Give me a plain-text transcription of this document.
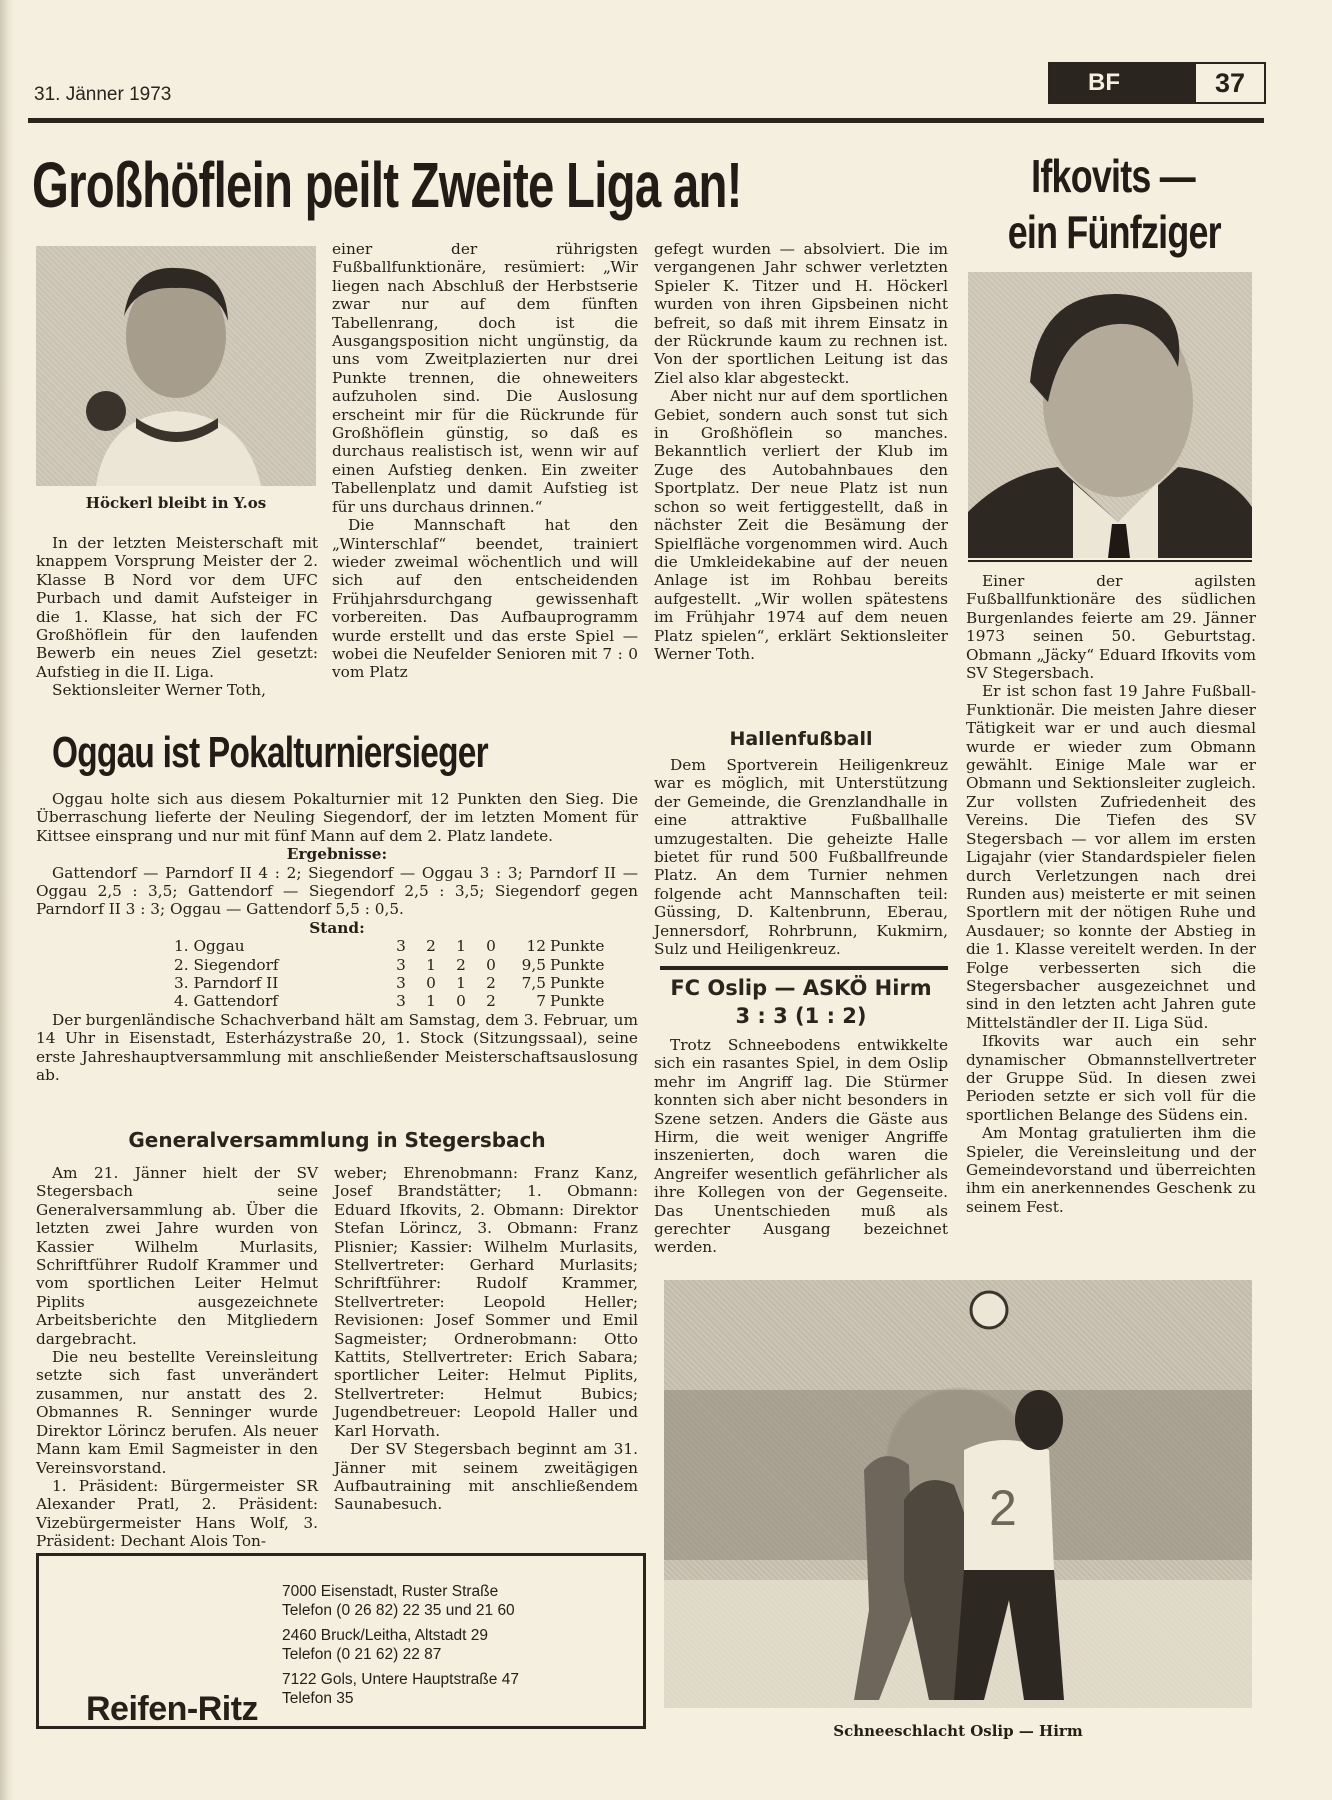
31. Jänner 1973	BF	37
Großhöflein peilt Zweite Liga an!	Ifkovits —
ein Fünfziger
Höckerl bleibt in Y.os

In der letzten Meisterschaft mit knappem Vorsprung Meister der 2. Klasse B Nord vor dem UFC Purbach und damit Aufsteiger in die 1. Klasse, hat sich der FC Großhöflein für den laufenden Bewerb ein neues Ziel gesetzt: Aufstieg in die II. Liga.

Sektionsleiter Werner Toth,

einer der rührigsten Fußballfunktionäre, resümiert: „Wir liegen nach Abschluß der Herbstserie zwar nur auf dem fünften Tabellenrang, doch ist die Ausgangsposition nicht ungünstig, da uns vom Zweitplazierten nur drei Punkte trennen, die ohneweiters aufzuholen sind. Die Auslosung erscheint mir für die Rückrunde für Großhöflein günstig, so daß es durchaus realistisch ist, wenn wir auf einen Aufstieg denken. Ein zweiter Tabellenplatz und damit Aufstieg ist für uns durchaus drinnen.“

Die Mannschaft hat den „Winterschlaf“ beendet, trainiert wieder zweimal wöchentlich und will sich auf den entscheidenden Frühjahrsdurchgang gewissenhaft vorbereiten. Das Aufbauprogramm wurde erstellt und das erste Spiel — wobei die Neufelder Senioren mit 7 : 0 vom Platz

gefegt wurden — absolviert. Die im vergangenen Jahr schwer verletzten Spieler K. Titzer und H. Höckerl wurden von ihren Gipsbeinen nicht befreit, so daß mit ihrem Einsatz in der Rückrunde kaum zu rechnen ist. Von der sportlichen Leitung ist das Ziel also klar abgesteckt.

Aber nicht nur auf dem sportlichen Gebiet, sondern auch sonst tut sich in Großhöflein so manches. Bekanntlich verliert der Klub im Zuge des Autobahnbaues den Sportplatz. Der neue Platz ist nun schon so weit fertiggestellt, daß in nächster Zeit die Besämung der Spielfläche vorgenommen wird. Auch die Umkleidekabine auf der neuen Anlage ist im Rohbau bereits aufgestellt. „Wir wollen spätestens im Frühjahr 1974 auf dem neuen Platz spielen“, erklärt Sektionsleiter Werner Toth.

Einer der agilsten Fußballfunktionäre des südlichen Burgenlandes feierte am 29. Jänner 1973 seinen 50. Geburtstag. Obmann „Jäcky“ Eduard Ifkovits vom SV Stegersbach.

Er ist schon fast 19 Jahre Fußball-Funktionär. Die meisten Jahre dieser Tätigkeit war er und auch diesmal wurde er wieder zum Obmann gewählt. Einige Male war er Obmann und Sektionsleiter zugleich. Zur vollsten Zufriedenheit des Vereins. Die Tiefen des SV Stegersbach — vor allem im ersten Ligajahr (vier Standardspieler fielen durch Verletzungen nach drei Runden aus) meisterte er mit seinen Sportlern mit der nötigen Ruhe und Ausdauer; so konnte der Abstieg in die 1. Klasse vereitelt werden. In der Folge verbesserten sich die Stegersbacher ausgezeichnet und sind in den letzten acht Jahren gute Mittelständler der II. Liga Süd.

Ifkovits war auch ein sehr dynamischer Obmannstellvertreter der Gruppe Süd. In diesen zwei Perioden setzte er sich voll für die sportlichen Belange des Südens ein.

Am Montag gratulierten ihm die Spieler, die Vereinsleitung und der Gemeindevorstand und überreichten ihm ein anerkennendes Geschenk zu seinem Fest.

Oggau ist Pokalturniersieger

Oggau holte sich aus diesem Pokalturnier mit 12 Punkten den Sieg. Die Überraschung lieferte der Neuling Siegendorf, der im letzten Moment für Kittsee einsprang und nur mit fünf Mann auf dem 2. Platz landete.

Ergebnisse:

Gattendorf — Parndorf II 4 : 2; Siegendorf — Oggau 3 : 3; Parndorf II — Oggau 2,5 : 3,5; Gattendorf — Siegendorf 2,5 : 3,5; Siegendorf gegen Parndorf II 3 : 3; Oggau — Gattendorf 5,5 : 0,5.

Stand:
1. Oggau	3	2	1	0	12 Punkte
2. Siegendorf	3	1	2	0	9,5 Punkte
3. Parndorf II	3	0	1	2	7,5 Punkte
4. Gattendorf	3	1	0	2	7 Punkte

Der burgenländische Schachverband hält am Samstag, dem 3. Februar, um 14 Uhr in Eisenstadt, Esterházystraße 20, 1. Stock (Sitzungssaal), seine erste Jahreshauptversammlung mit anschließender Meisterschaftsauslosung ab.

Hallenfußball

Dem Sportverein Heiligenkreuz war es möglich, mit Unterstützung der Gemeinde, die Grenzlandhalle in eine attraktive Fußballhalle umzugestalten. Die geheizte Halle bietet für rund 500 Fußballfreunde Platz. An dem Turnier nehmen folgende acht Mannschaften teil: Güssing, D. Kaltenbrunn, Eberau, Jennersdorf, Rohrbrunn, Kukmirn, Sulz und Heiligenkreuz.

FC Oslip — ASKÖ Hirm
3 : 3 (1 : 2)

Trotz Schneebodens entwikkelte sich ein rasantes Spiel, in dem Oslip mehr im Angriff lag. Die Stürmer konnten sich aber nicht besonders in Szene setzen. Anders die Gäste aus Hirm, die weit weniger Angriffe inszenierten, doch waren die Angreifer wesentlich gefährlicher als ihre Kollegen von der Gegenseite. Das Unentschieden muß als gerechter Ausgang bezeichnet werden.

Generalversammlung in Stegersbach

Am 21. Jänner hielt der SV Stegersbach seine Generalversammlung ab. Über die letzten zwei Jahre wurden von Kassier Wilhelm Murlasits, Schriftführer Rudolf Krammer und vom sportlichen Leiter Helmut Piplits ausgezeichnete Arbeitsberichte den Mitgliedern dargebracht.

Die neu bestellte Vereinsleitung setzte sich fast unverändert zusammen, nur anstatt des 2. Obmannes R. Senninger wurde Direktor Lörincz berufen. Als neuer Mann kam Emil Sagmeister in den Vereinsvorstand.

1. Präsident: Bürgermeister SR Alexander Pratl, 2. Präsident: Vizebürgermeister Hans Wolf, 3. Präsident: Dechant Alois Ton-

weber; Ehrenobmann: Franz Kanz, Josef Brandstätter; 1. Obmann: Eduard Ifkovits, 2. Obmann: Direktor Stefan Lörincz, 3. Obmann: Franz Plisnier; Kassier: Wilhelm Murlasits, Stellvertreter: Gerhard Murlasits; Schriftführer: Rudolf Krammer, Stellvertreter: Leopold Heller; Revisionen: Josef Sommer und Emil Sagmeister; Ordnerobmann: Otto Kattits, Stellvertreter: Erich Sabara; sportlicher Leiter: Helmut Piplits, Stellvertreter: Helmut Bubics; Jugendbetreuer: Leopold Haller und Karl Horvath.

Der SV Stegersbach beginnt am 31. Jänner mit seinem zweitägigen Aufbautraining mit anschließendem Saunabesuch.	2
Schneeschlacht Oslip — Hirm
Reifen-Ritz
7000 Eisenstadt, Ruster Straße
Telefon (0 26 82) 22 35 und 21 60
2460 Bruck/Leitha, Altstadt 29
Telefon (0 21 62) 22 87
7122 Gols, Untere Hauptstraße 47
Telefon 35
